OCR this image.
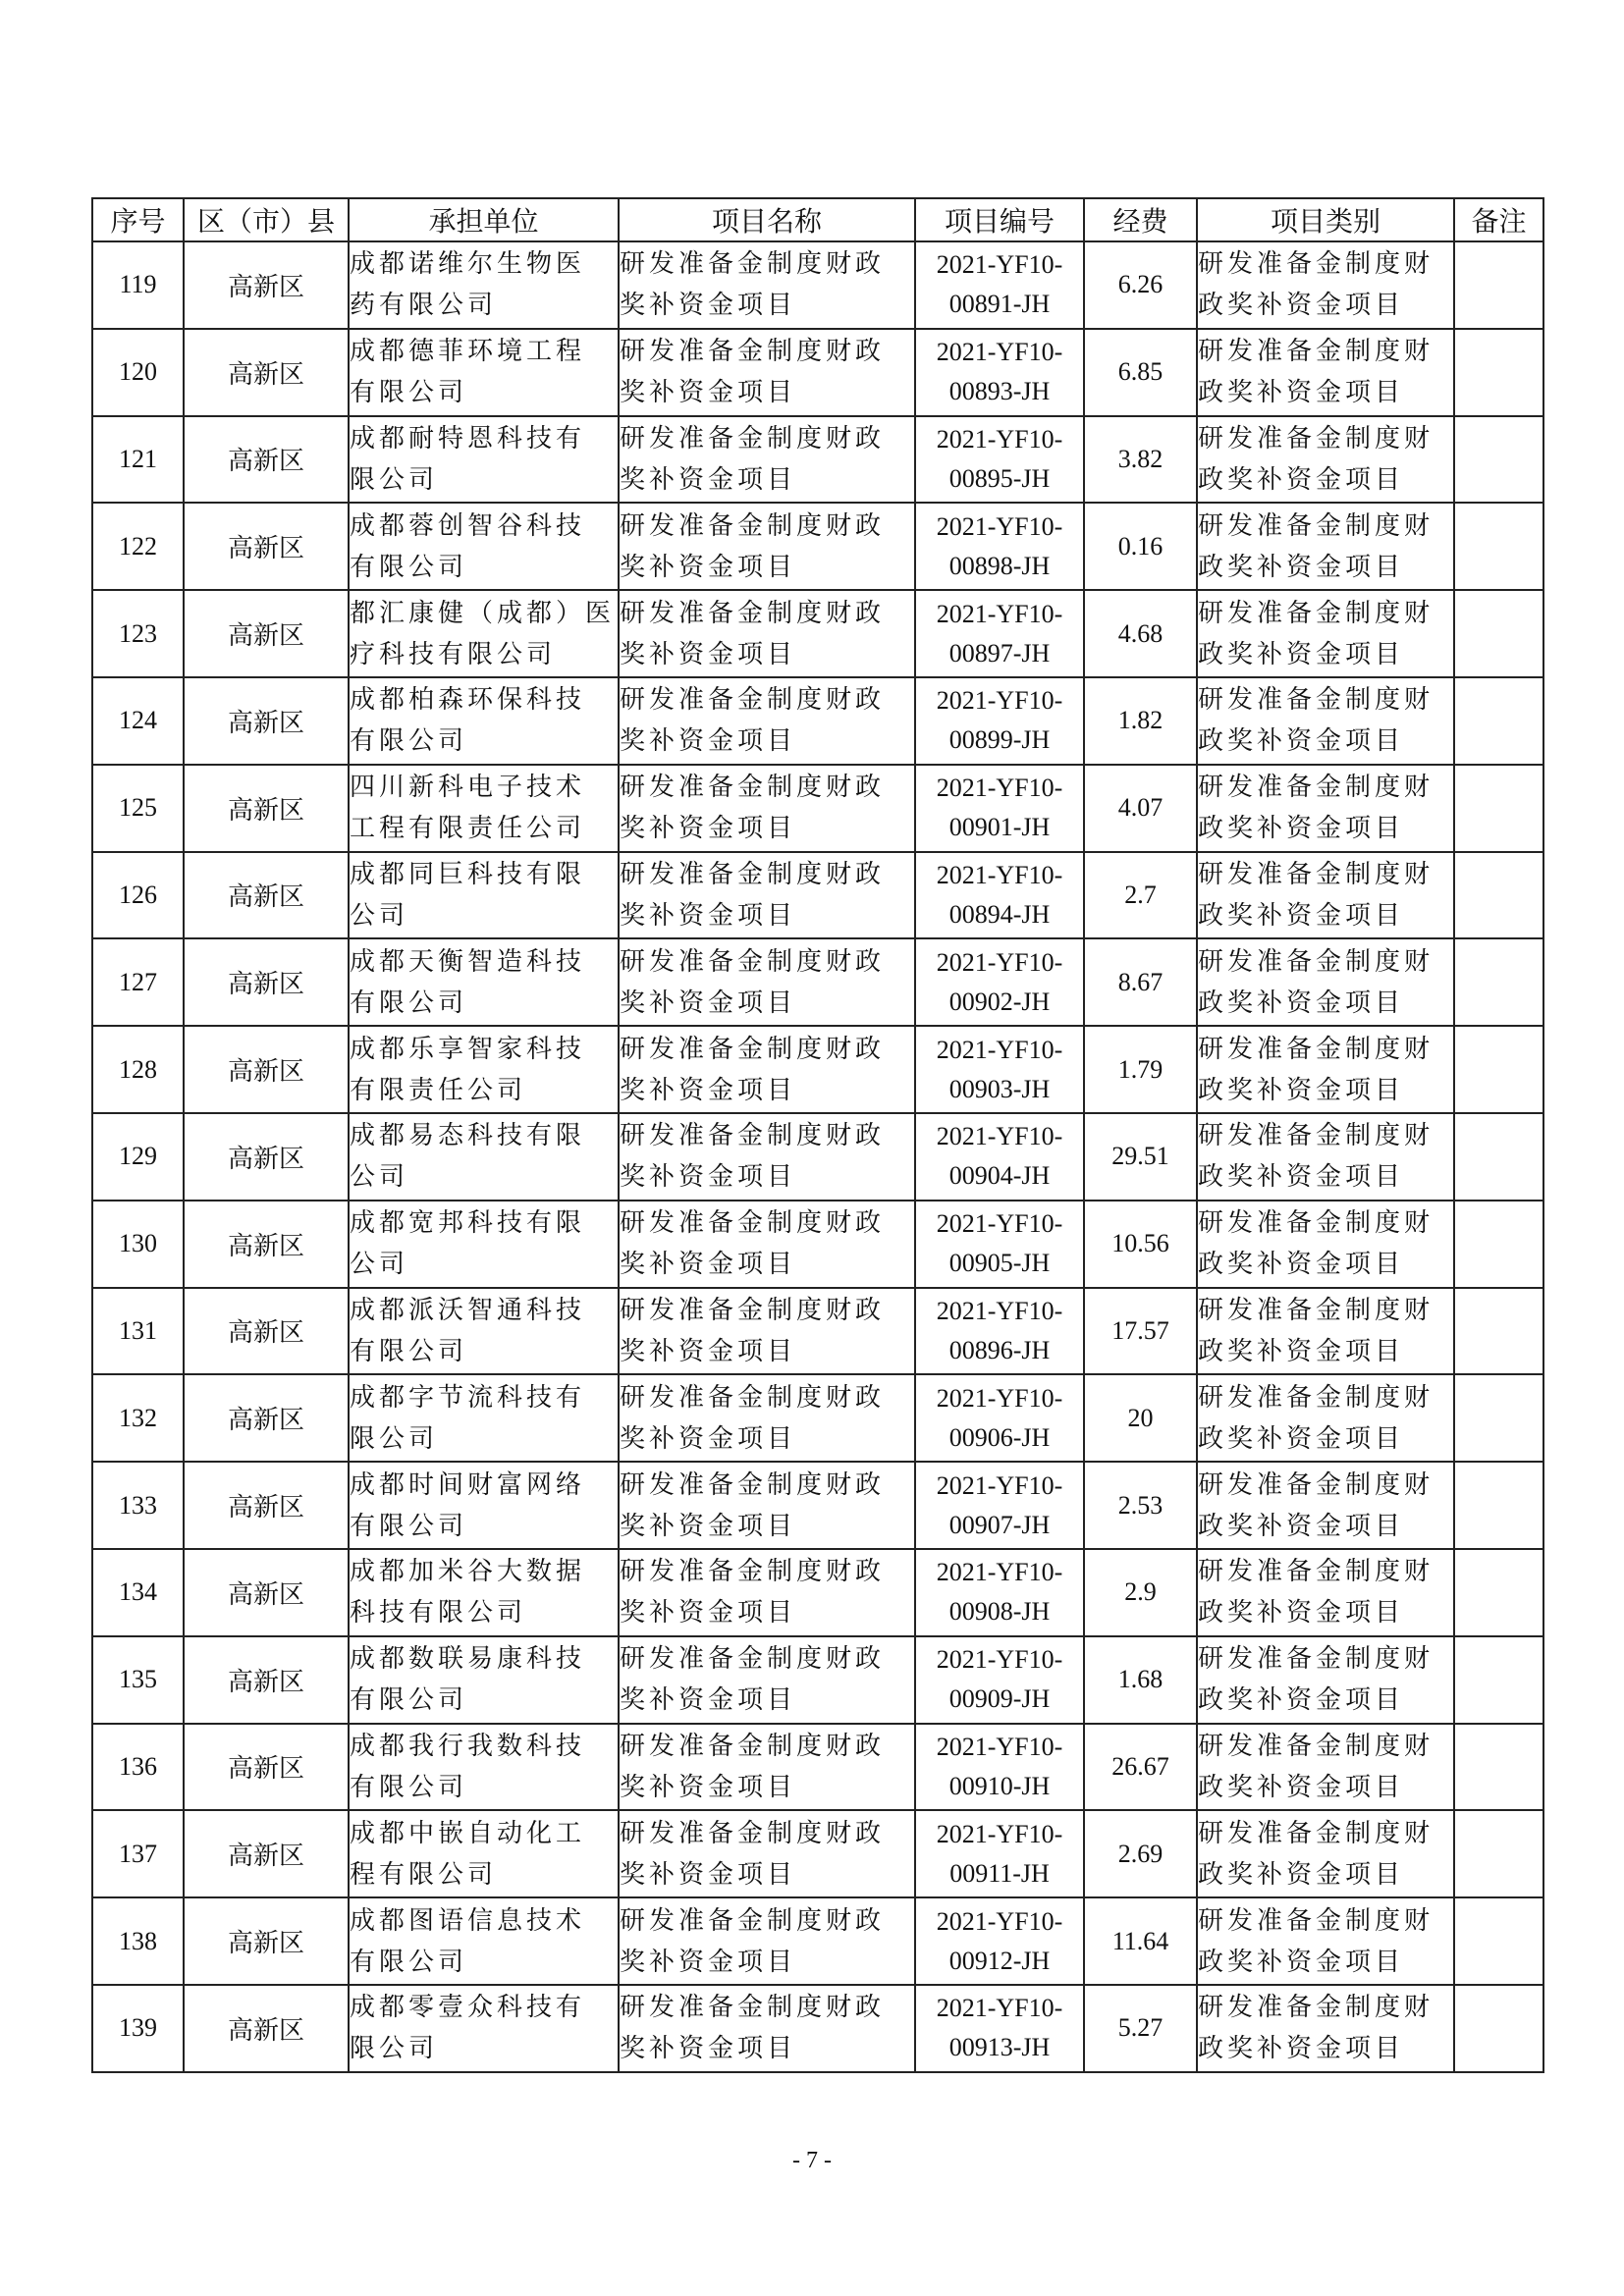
序号	区（市）县	承担单位	项目名称	项目编号	经费	项目类别	备注
119	高新区	成都诺维尔生物医
药有限公司	研发准备金制度财政
奖补资金项目	2021-YF10-
00891-JH	6.26	研发准备金制度财
政奖补资金项目	

120	高新区	成都德菲环境工程
有限公司	研发准备金制度财政
奖补资金项目	2021-YF10-
00893-JH	6.85	研发准备金制度财
政奖补资金项目	

121	高新区	成都耐特恩科技有
限公司	研发准备金制度财政
奖补资金项目	2021-YF10-
00895-JH	3.82	研发准备金制度财
政奖补资金项目	

122	高新区	成都蓉创智谷科技
有限公司	研发准备金制度财政
奖补资金项目	2021-YF10-
00898-JH	0.16	研发准备金制度财
政奖补资金项目	

123	高新区	都汇康健（成都）医
疗科技有限公司	研发准备金制度财政
奖补资金项目	2021-YF10-
00897-JH	4.68	研发准备金制度财
政奖补资金项目	

124	高新区	成都柏森环保科技
有限公司	研发准备金制度财政
奖补资金项目	2021-YF10-
00899-JH	1.82	研发准备金制度财
政奖补资金项目	

125	高新区	四川新科电子技术
工程有限责任公司	研发准备金制度财政
奖补资金项目	2021-YF10-
00901-JH	4.07	研发准备金制度财
政奖补资金项目	

126	高新区	成都同巨科技有限
公司	研发准备金制度财政
奖补资金项目	2021-YF10-
00894-JH	2.7	研发准备金制度财
政奖补资金项目	

127	高新区	成都天衡智造科技
有限公司	研发准备金制度财政
奖补资金项目	2021-YF10-
00902-JH	8.67	研发准备金制度财
政奖补资金项目	

128	高新区	成都乐享智家科技
有限责任公司	研发准备金制度财政
奖补资金项目	2021-YF10-
00903-JH	1.79	研发准备金制度财
政奖补资金项目	

129	高新区	成都易态科技有限
公司	研发准备金制度财政
奖补资金项目	2021-YF10-
00904-JH	29.51	研发准备金制度财
政奖补资金项目	

130	高新区	成都宽邦科技有限
公司	研发准备金制度财政
奖补资金项目	2021-YF10-
00905-JH	10.56	研发准备金制度财
政奖补资金项目	

131	高新区	成都派沃智通科技
有限公司	研发准备金制度财政
奖补资金项目	2021-YF10-
00896-JH	17.57	研发准备金制度财
政奖补资金项目	

132	高新区	成都字节流科技有
限公司	研发准备金制度财政
奖补资金项目	2021-YF10-
00906-JH	20	研发准备金制度财
政奖补资金项目	

133	高新区	成都时间财富网络
有限公司	研发准备金制度财政
奖补资金项目	2021-YF10-
00907-JH	2.53	研发准备金制度财
政奖补资金项目	

134	高新区	成都加米谷大数据
科技有限公司	研发准备金制度财政
奖补资金项目	2021-YF10-
00908-JH	2.9	研发准备金制度财
政奖补资金项目	

135	高新区	成都数联易康科技
有限公司	研发准备金制度财政
奖补资金项目	2021-YF10-
00909-JH	1.68	研发准备金制度财
政奖补资金项目	

136	高新区	成都我行我数科技
有限公司	研发准备金制度财政
奖补资金项目	2021-YF10-
00910-JH	26.67	研发准备金制度财
政奖补资金项目	

137	高新区	成都中嵌自动化工
程有限公司	研发准备金制度财政
奖补资金项目	2021-YF10-
00911-JH	2.69	研发准备金制度财
政奖补资金项目	

138	高新区	成都图语信息技术
有限公司	研发准备金制度财政
奖补资金项目	2021-YF10-
00912-JH	11.64	研发准备金制度财
政奖补资金项目	

139	高新区	成都零壹众科技有
限公司	研发准备金制度财政
奖补资金项目	2021-YF10-
00913-JH	5.27	研发准备金制度财
政奖补资金项目	

- 7 -
